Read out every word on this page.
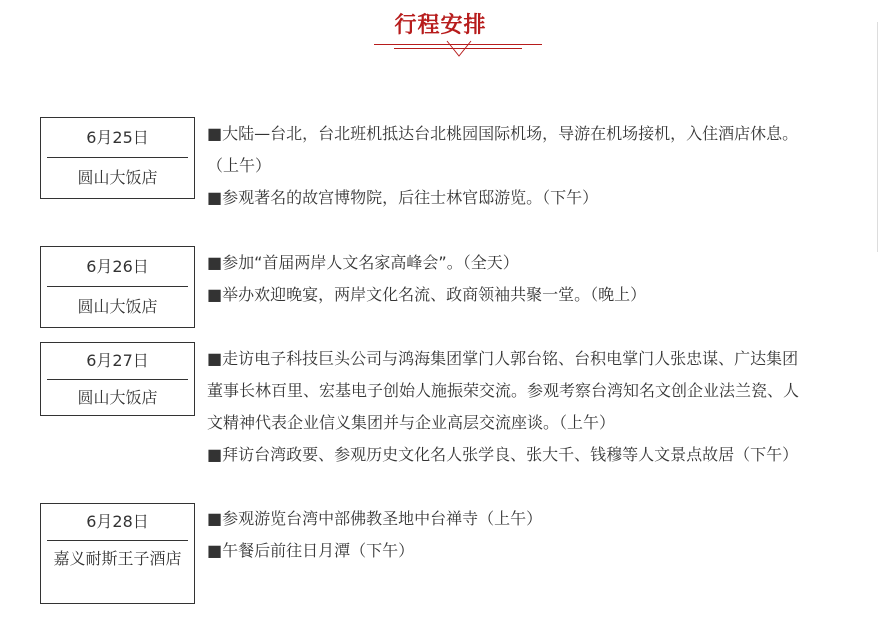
行程安排
6月25日
圆山大饭店
■大陆—台北，台北班机抵达台北桃园国际机场，导游在机场接机，入住酒店休息。
（上午）
■参观著名的故宫博物院，后往士林官邸游览。（下午）
6月26日
圆山大饭店
■参加“首届两岸人文名家高峰会”。（全天）
■举办欢迎晚宴，两岸文化名流、政商领袖共聚一堂。（晚上）
6月27日
圆山大饭店
■走访电子科技巨头公司与鸿海集团掌门人郭台铭、台积电掌门人张忠谋、广达集团
董事长林百里、宏基电子创始人施振荣交流。参观考察台湾知名文创企业法兰瓷、人
文精神代表企业信义集团并与企业高层交流座谈。（上午）
■拜访台湾政要、参观历史文化名人张学良、张大千、钱穆等人文景点故居（下午）
6月28日
嘉义耐斯王子酒店
■参观游览台湾中部佛教圣地中台禅寺（上午）
■午餐后前往日月潭（下午）
